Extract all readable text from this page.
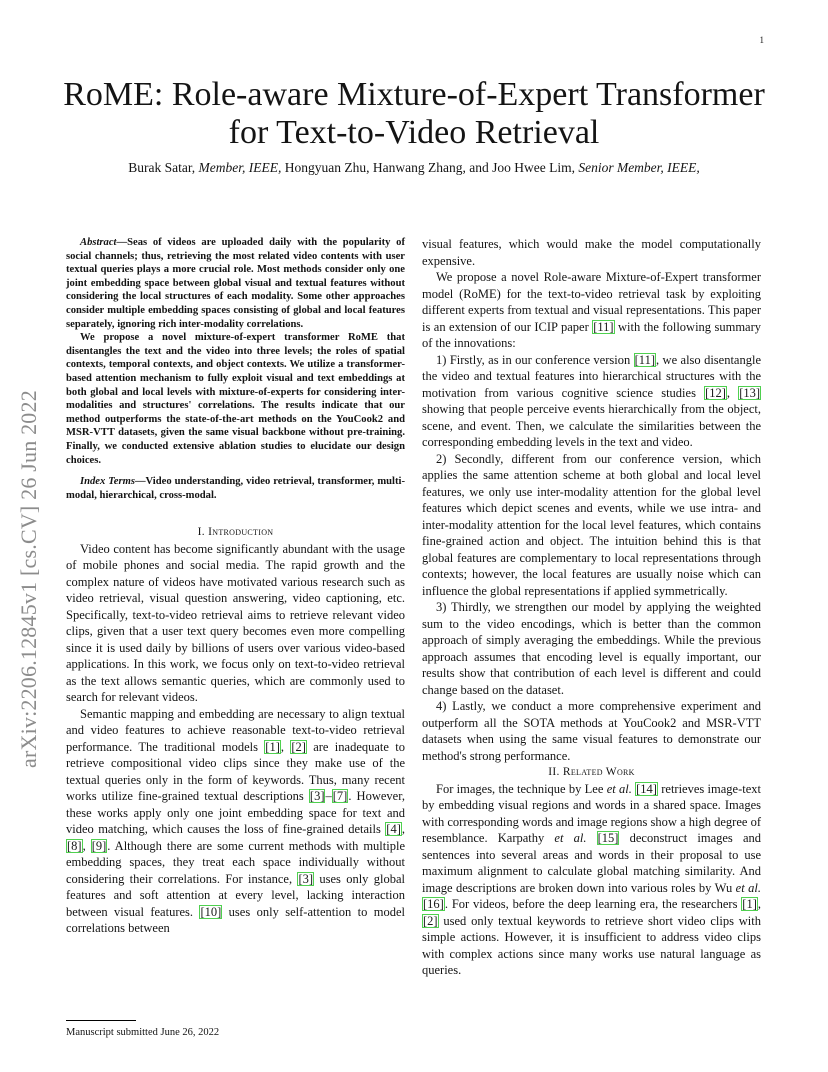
1
arXiv:2206.12845v1 [cs.CV] 26 Jun 2022
RoME: Role-aware Mixture-of-Expert Transformer
for Text-to-Video Retrieval
Burak Satar, Member, IEEE, Hongyuan Zhu, Hanwang Zhang, and Joo Hwee Lim, Senior Member, IEEE,

Abstract—Seas of videos are uploaded daily with the popularity of social channels; thus, retrieving the most related video contents with user textual queries plays a more crucial role. Most methods consider only one joint embedding space between global visual and textual features without considering the local structures of each modality. Some other approaches consider multiple embedding spaces consisting of global and local features separately, ignoring rich inter-modality correlations.

We propose a novel mixture-of-expert transformer RoME that disentangles the text and the video into three levels; the roles of spatial contexts, temporal contexts, and object contexts. We utilize a transformer-based attention mechanism to fully exploit visual and text embeddings at both global and local levels with mixture-of-experts for considering inter-modalities and structures' correlations. The results indicate that our method outperforms the state-of-the-art methods on the YouCook2 and MSR-VTT datasets, given the same visual backbone without pre-training. Finally, we conducted extensive ablation studies to elucidate our design choices.

Index Terms—Video understanding, video retrieval, transformer, multi-modal, hierarchical, cross-modal.

I. Introduction

Video content has become significantly abundant with the usage of mobile phones and social media. The rapid growth and the complex nature of videos have motivated various research such as video retrieval, visual question answering, video captioning, etc. Specifically, text-to-video retrieval aims to retrieve relevant video clips, given that a user text query becomes even more compelling since it is used daily by billions of users over various video-based applications. In this work, we focus only on text-to-video retrieval as the text allows semantic queries, which are commonly used to search for relevant videos.

Semantic mapping and embedding are necessary to align textual and video features to achieve reasonable text-to-video retrieval performance. The traditional models [1], [2] are inadequate to retrieve compositional video clips since they make use of the textual queries only in the form of keywords. Thus, many recent works utilize fine-grained textual descriptions [3]–[7]. However, these works apply only one joint embedding space for text and video matching, which causes the loss of fine-grained details [4], [8], [9]. Although there are some current methods with multiple embedding spaces, they treat each space individually without considering their correlations. For instance, [3] uses only global features and soft attention at every level, lacking interaction between visual features. [10] uses only self-attention to model correlations between

visual features, which would make the model computationally expensive.

We propose a novel Role-aware Mixture-of-Expert transformer model (RoME) for the text-to-video retrieval task by exploiting different experts from textual and visual representations. This paper is an extension of our ICIP paper [11] with the following summary of the innovations:

1) Firstly, as in our conference version [11], we also disentangle the video and textual features into hierarchical structures with the motivation from various cognitive science studies [12], [13] showing that people perceive events hierarchically from the object, scene, and event. Then, we calculate the similarities between the corresponding embedding levels in the text and video.

2) Secondly, different from our conference version, which applies the same attention scheme at both global and local level features, we only use inter-modality attention for the global level features which depict scenes and events, while we use intra- and inter-modality attention for the local level features, which contains fine-grained action and object. The intuition behind this is that global features are complementary to local representations through contexts; however, the local features are usually noise which can influence the global representations if applied symmetrically.

3) Thirdly, we strengthen our model by applying the weighted sum to the video encodings, which is better than the common approach of simply averaging the embeddings. While the previous approach assumes that encoding level is equally important, our results show that contribution of each level is different and could change based on the dataset.

4) Lastly, we conduct a more comprehensive experiment and outperform all the SOTA methods at YouCook2 and MSR-VTT datasets when using the same visual features to demonstrate our method's strong performance.

II. Related Work

For images, the technique by Lee et al. [14] retrieves image-text by embedding visual regions and words in a shared space. Images with corresponding words and image regions show a high degree of resemblance. Karpathy et al. [15] deconstruct images and sentences into several areas and words in their proposal to use maximum alignment to calculate global matching similarity. And image descriptions are broken down into various roles by Wu et al. [16]. For videos, before the deep learning era, the researchers [1], [2] used only textual keywords to retrieve short video clips with simple actions. However, it is insufficient to address video clips with complex actions since many works use natural language as queries.

Manuscript submitted June 26, 2022
